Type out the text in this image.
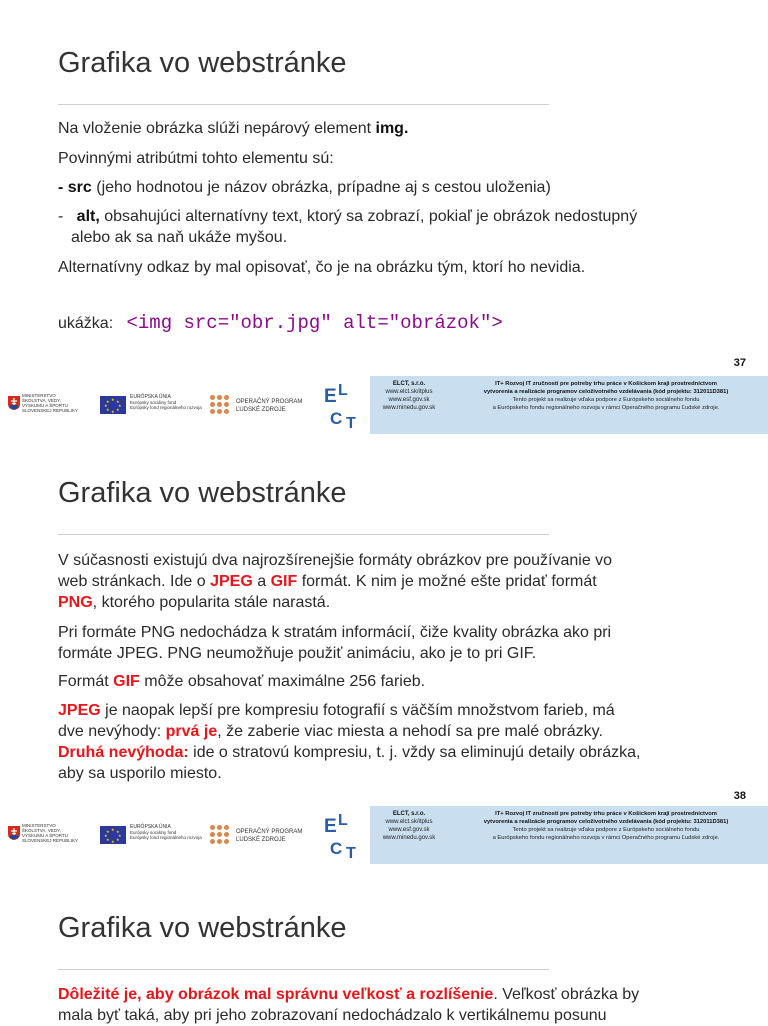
Grafika vo webstránke
Na vloženie obrázka slúži nepárový element img.
Povinnými atribútmi tohto elementu sú:
- src (jeho hodnotou je názov obrázka, prípadne aj s cestou uloženia)
- alt, obsahujúci alternatívny text, ktorý sa zobrazí, pokiaľ je obrázok nedostupný
alebo ak sa naň ukáže myšou.
Alternatívny odkaz by mal opisovať, čo je na obrázku tým, ktorí ho nevidia.
ukážka: <img src="obr.jpg" alt="obrázok">
37
MINISTERSTVO
ŠKOLSTVA, VEDY,
VÝSKUMU A ŠPORTU
SLOVENSKEJ REPUBLIKY
★ ★
★
★
★
★
★
★
EURÓPSKA ÚNIA
Európsky sociálny fond
Európsky fond regionálneho rozvoja
OPERAČNÝ PROGRAM
ĽUDSKÉ ZDROJE
E L
C T
ELCT, s.r.o.
www.elct.sk/itplus
www.esf.gov.sk
www.minedu.gov.sk
IT+ Rozvoj IT zručností pre potreby trhu práce v Košickom kraji prostredníctvom
vytvorenia a realizácie programov celoživotného vzdelávania (kód projektu: 312011D381)
Tento projekt sa realizuje vďaka podpore z Európskeho sociálneho fondu
a Európskeho fondu regionálneho rozvoja v rámci Operačného programu Ľudské zdroje.
Grafika vo webstránke
V súčasnosti existujú dva najrozšírenejšie formáty obrázkov pre používanie vo
web stránkach. Ide o JPEG a GIF formát. K nim je možné ešte pridať formát
PNG, ktorého popularita stále narastá.
Pri formáte PNG nedochádza k stratám informácií, čiže kvality obrázka ako pri
formáte JPEG. PNG neumožňuje použiť animáciu, ako je to pri GIF.
Formát GIF môže obsahovať maximálne 256 farieb.
JPEG je naopak lepší pre kompresiu fotografií s väčším množstvom farieb, má
dve nevýhody: prvá je, že zaberie viac miesta a nehodí sa pre malé obrázky.
Druhá nevýhoda: ide o stratovú kompresiu, t. j. vždy sa eliminujú detaily obrázka,
aby sa usporilo miesto.
38
MINISTERSTVO
ŠKOLSTVA, VEDY,
VÝSKUMU A ŠPORTU
SLOVENSKEJ REPUBLIKY
★ ★
★
★
★
★
★
★
EURÓPSKA ÚNIA
Európsky sociálny fond
Európsky fond regionálneho rozvoja
OPERAČNÝ PROGRAM
ĽUDSKÉ ZDROJE
E L
C T
ELCT, s.r.o.
www.elct.sk/itplus
www.esf.gov.sk
www.minedu.gov.sk
IT+ Rozvoj IT zručností pre potreby trhu práce v Košickom kraji prostredníctvom
vytvorenia a realizácie programov celoživotného vzdelávania (kód projektu: 312011D381)
Tento projekt sa realizuje vďaka podpore z Európskeho sociálneho fondu
a Európskeho fondu regionálneho rozvoja v rámci Operačného programu Ľudské zdroje.
Grafika vo webstránke
Dôležité je, aby obrázok mal správnu veľkosť a rozlíšenie. Veľkosť obrázka by
mala byť taká, aby pri jeho zobrazovaní nedochádzalo k vertikálnemu posunu
